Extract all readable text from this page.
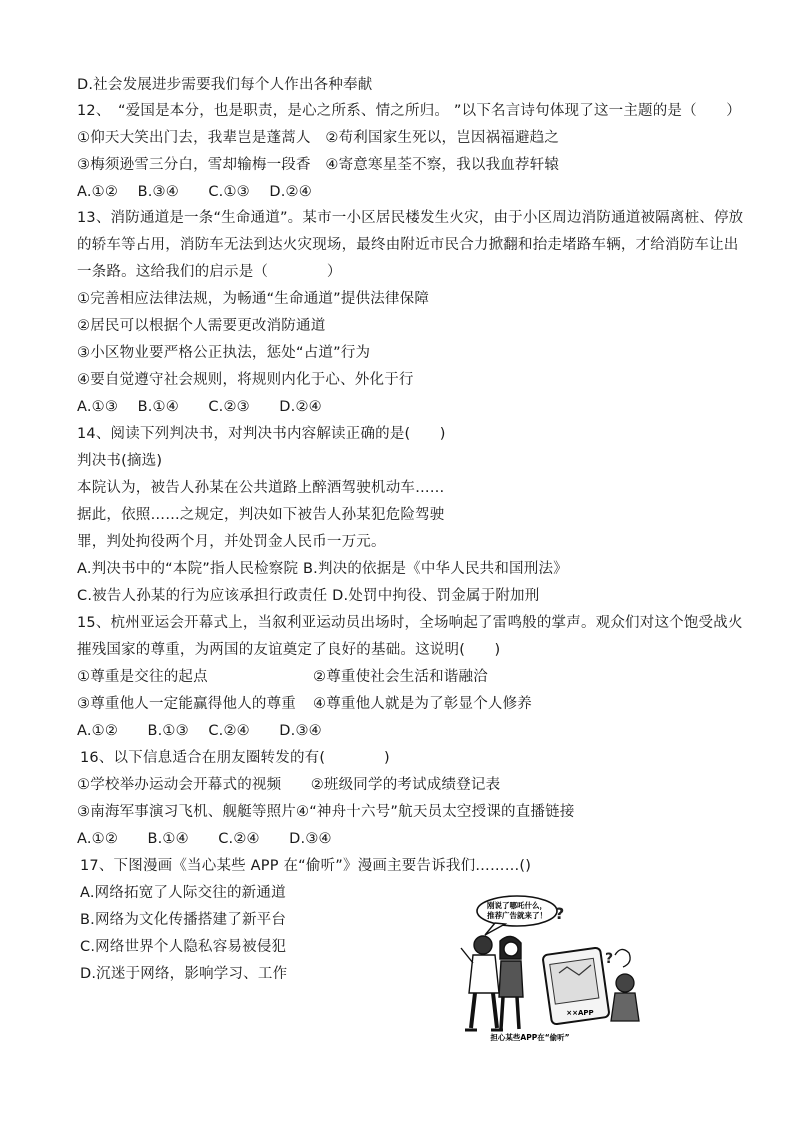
D.社会发展进步需要我们每个人作出各种奉献
12、　“爱国是本分，也是职责，是心之所系、情之所归。 ”以下名言诗句体现了这一主题的是（　　）
①仰天大笑出门去，我辈岂是蓬蒿人　②苟利国家生死以，岂因祸福避趋之
③梅须逊雪三分白，雪却输梅一段香　④寄意寒星荃不察，我以我血荐轩辕
A.①②　 B.③④　　C.①③　 D.②④
13、消防通道是一条“生命通道”。某市一小区居民楼发生火灾，由于小区周边消防通道被隔离桩、停放
的轿车等占用，消防车无法到达火灾现场，最终由附近市民合力掀翻和抬走堵路车辆，才给消防车让出
一条路。这给我们的启示是（　　　　）
①完善相应法律法规，为畅通“生命通道”提供法律保障
②居民可以根据个人需要更改消防通道
③小区物业要严格公正执法，惩处“占道”行为
④要自觉遵守社会规则，将规则内化于心、外化于行
A.①③　 B.①④　　C.②③　　D.②④
14、阅读下列判决书，对判决书内容解读正确的是(　　)
判决书(摘选)
本院认为，被告人孙某在公共道路上醉酒驾驶机动车……
据此，依照……之规定，判决如下被告人孙某犯危险驾驶
罪，判处拘役两个月，并处罚金人民币一万元。
A.判决书中的“本院”指人民检察院 B.判决的依据是《中华人民共和国刑法》
C.被告人孙某的行为应该承担行政责任 D.处罚中拘役、罚金属于附加刑
15、杭州亚运会开幕式上，当叙利亚运动员出场时，全场响起了雷鸣般的掌声。观众们对这个饱受战火
摧残国家的尊重，为两国的友谊奠定了良好的基础。这说明(　　)
①尊重是交往的起点	②尊重使社会生活和谐融洽
③尊重他人一定能赢得他人的尊重 ④尊重他人就是为了彰显个人修养
A.①②　　B.①③　 C.②④　　D.③④
16、以下信息适合在朋友圈转发的有(　　　　)
①学校举办运动会开幕式的视频　　②班级同学的考试成绩登记表
③南海军事演习飞机、舰艇等照片④“神舟十六号”航天员太空授课的直播链接
A.①②　　B.①④　　C.②④　　D.③④
17、下图漫画《当心某些 APP 在“偷听”》漫画主要告诉我们………()
A.网络拓宽了人际交往的新通道
B.网络为文化传播搭建了新平台
C.网络世界个人隐私容易被侵犯
D.沉迷于网络，影响学习、工作
刚说了哪吒什么，
推荐广告就来了！ ?
?
××APP
担心某些APP在“偷听”
